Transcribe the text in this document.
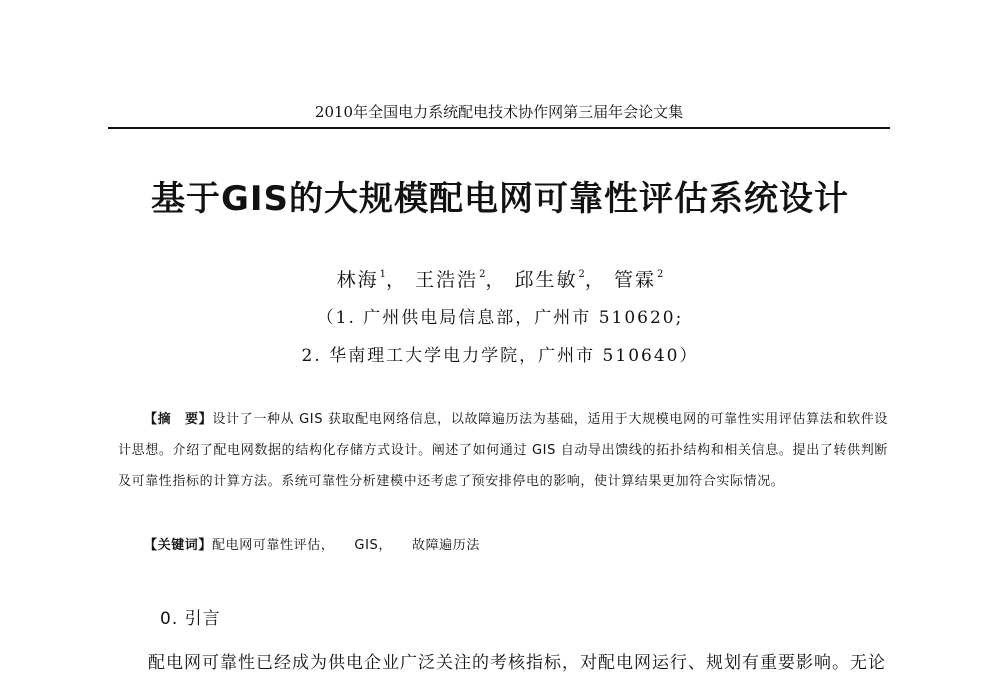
2010年全国电力系统配电技术协作网第三届年会论文集
基于GIS的大规模配电网可靠性评估系统设计
林海$^1$， 王浩浩$^2$， 邱生敏$^2$， 管霖$^2$
（1. 广州供电局信息部，广州市 510620;
2. 华南理工大学电力学院，广州市 510640）
【摘　要】设计了一种从 GIS 获取配电网络信息，以故障遍历法为基础，适用于大规模电网的可靠性实用评估算法和软件设计思想。介绍了配电网数据的结构化存储方式设计。阐述了如何通过 GIS 自动导出馈线的拓扑结构和相关信息。提出了转供判断及可靠性指标的计算方法。系统可靠性分析建模中还考虑了预安排停电的影响，使计算结果更加符合实际情况。
【关键词】配电网可靠性评估， GIS， 故障遍历法
0. 引言
配电网可靠性已经成为供电企业广泛关注的考核指标，对配电网运行、规划有重要影响。无论
